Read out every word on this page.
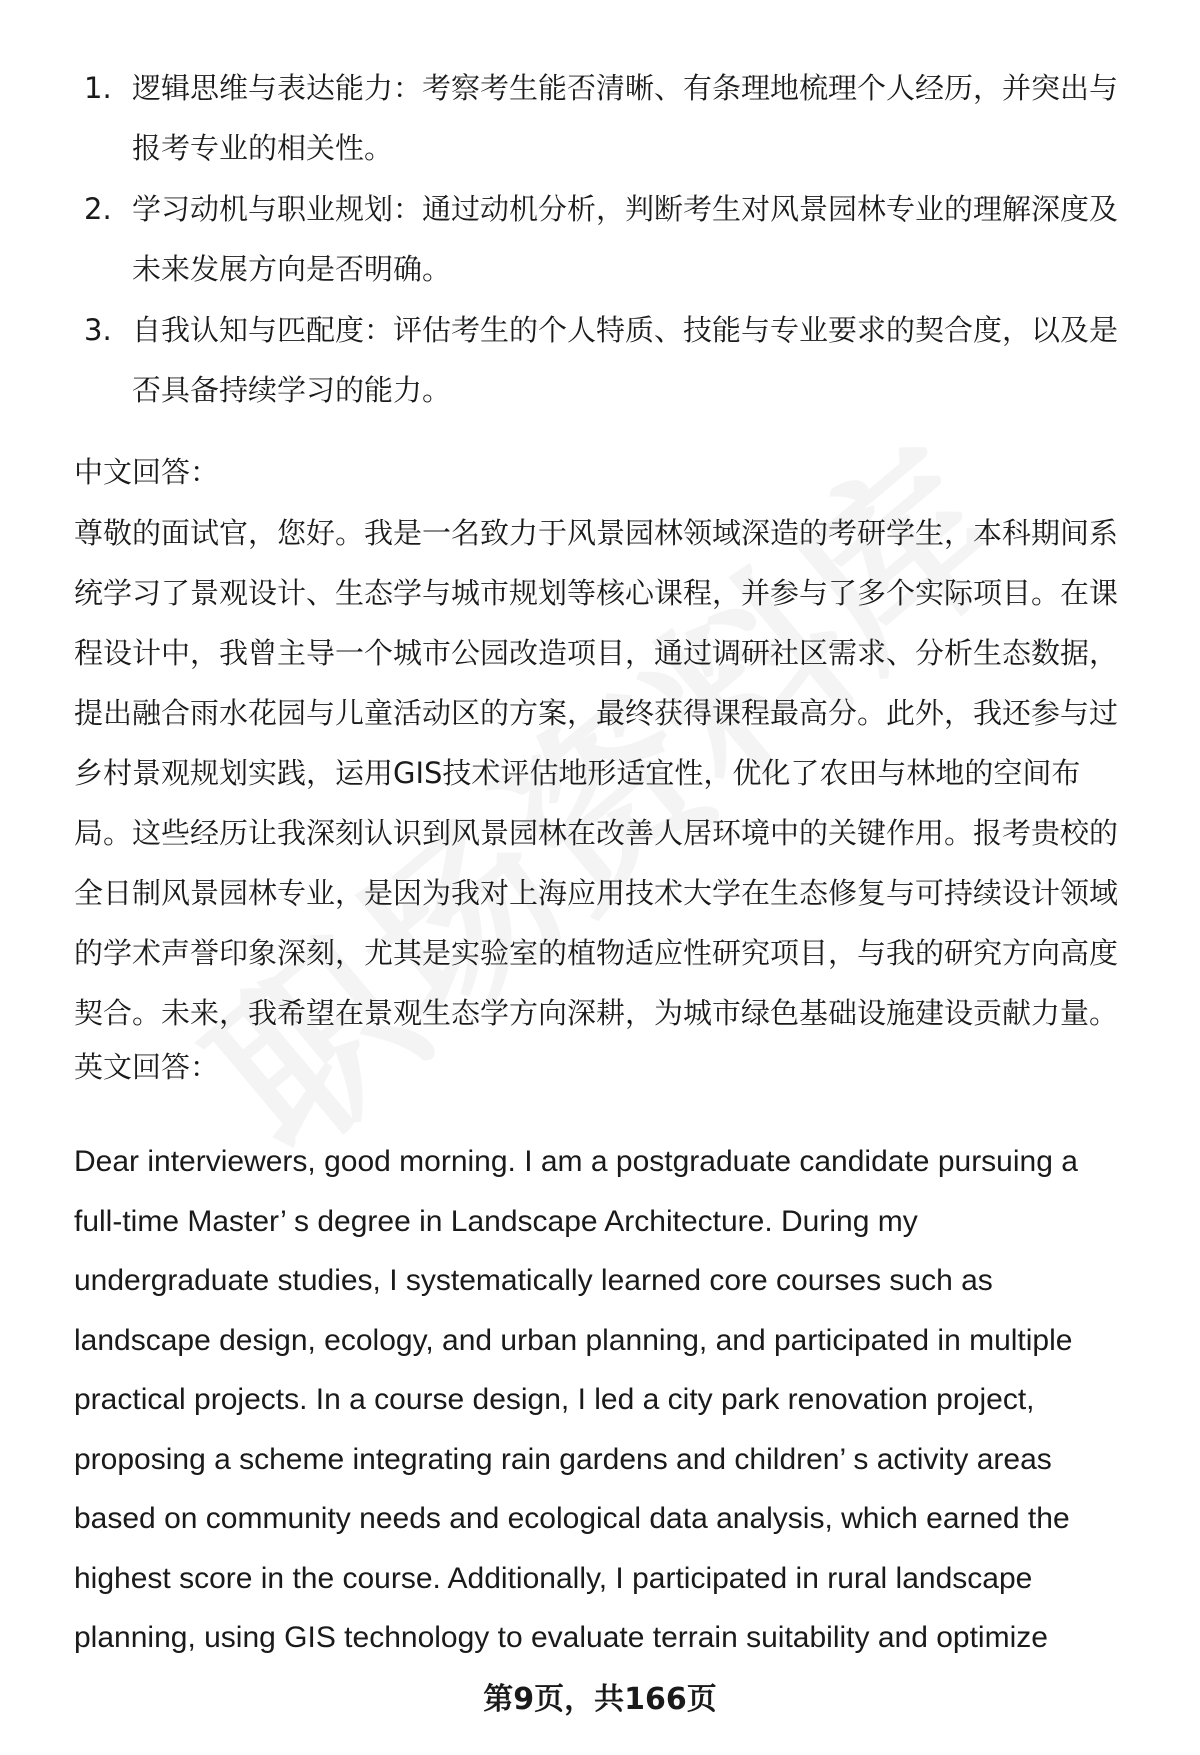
1. 逻辑思维与表达能力：考察考生能否清晰、有条理地梳理个人经历，并突出与
报考专业的相关性。
2. 学习动机与职业规划：通过动机分析，判断考生对风景园林专业的理解深度及
未来发展方向是否明确。
3. 自我认知与匹配度：评估考生的个人特质、技能与专业要求的契合度，以及是
否具备持续学习的能力。
中文回答：
尊敬的面试官，您好。我是一名致力于风景园林领域深造的考研学生，本科期间系
统学习了景观设计、生态学与城市规划等核心课程，并参与了多个实际项目。在课
程设计中，我曾主导一个城市公园改造项目，通过调研社区需求、分析生态数据，
提出融合雨水花园与儿童活动区的方案，最终获得课程最高分。此外，我还参与过
乡村景观规划实践，运用GIS技术评估地形适宜性，优化了农田与林地的空间布
局。这些经历让我深刻认识到风景园林在改善人居环境中的关键作用。报考贵校的
全日制风景园林专业，是因为我对上海应用技术大学在生态修复与可持续设计领域
的学术声誉印象深刻，尤其是实验室的植物适应性研究项目，与我的研究方向高度
契合。未来，我希望在景观生态学方向深耕，为城市绿色基础设施建设贡献力量。
英文回答：
Dear interviewers, good morning. I am a postgraduate candidate pursuing a
full-time Master’ s degree in Landscape Architecture. During my
undergraduate studies, I systematically learned core courses such as
landscape design, ecology, and urban planning, and participated in multiple
practical projects. In a course design, I led a city park renovation project,
proposing a scheme integrating rain gardens and children’ s activity areas
based on community needs and ecological data analysis, which earned the
highest score in the course. Additionally, I participated in rural landscape
planning, using GIS technology to evaluate terrain suitability and optimize
第9页，共166页
